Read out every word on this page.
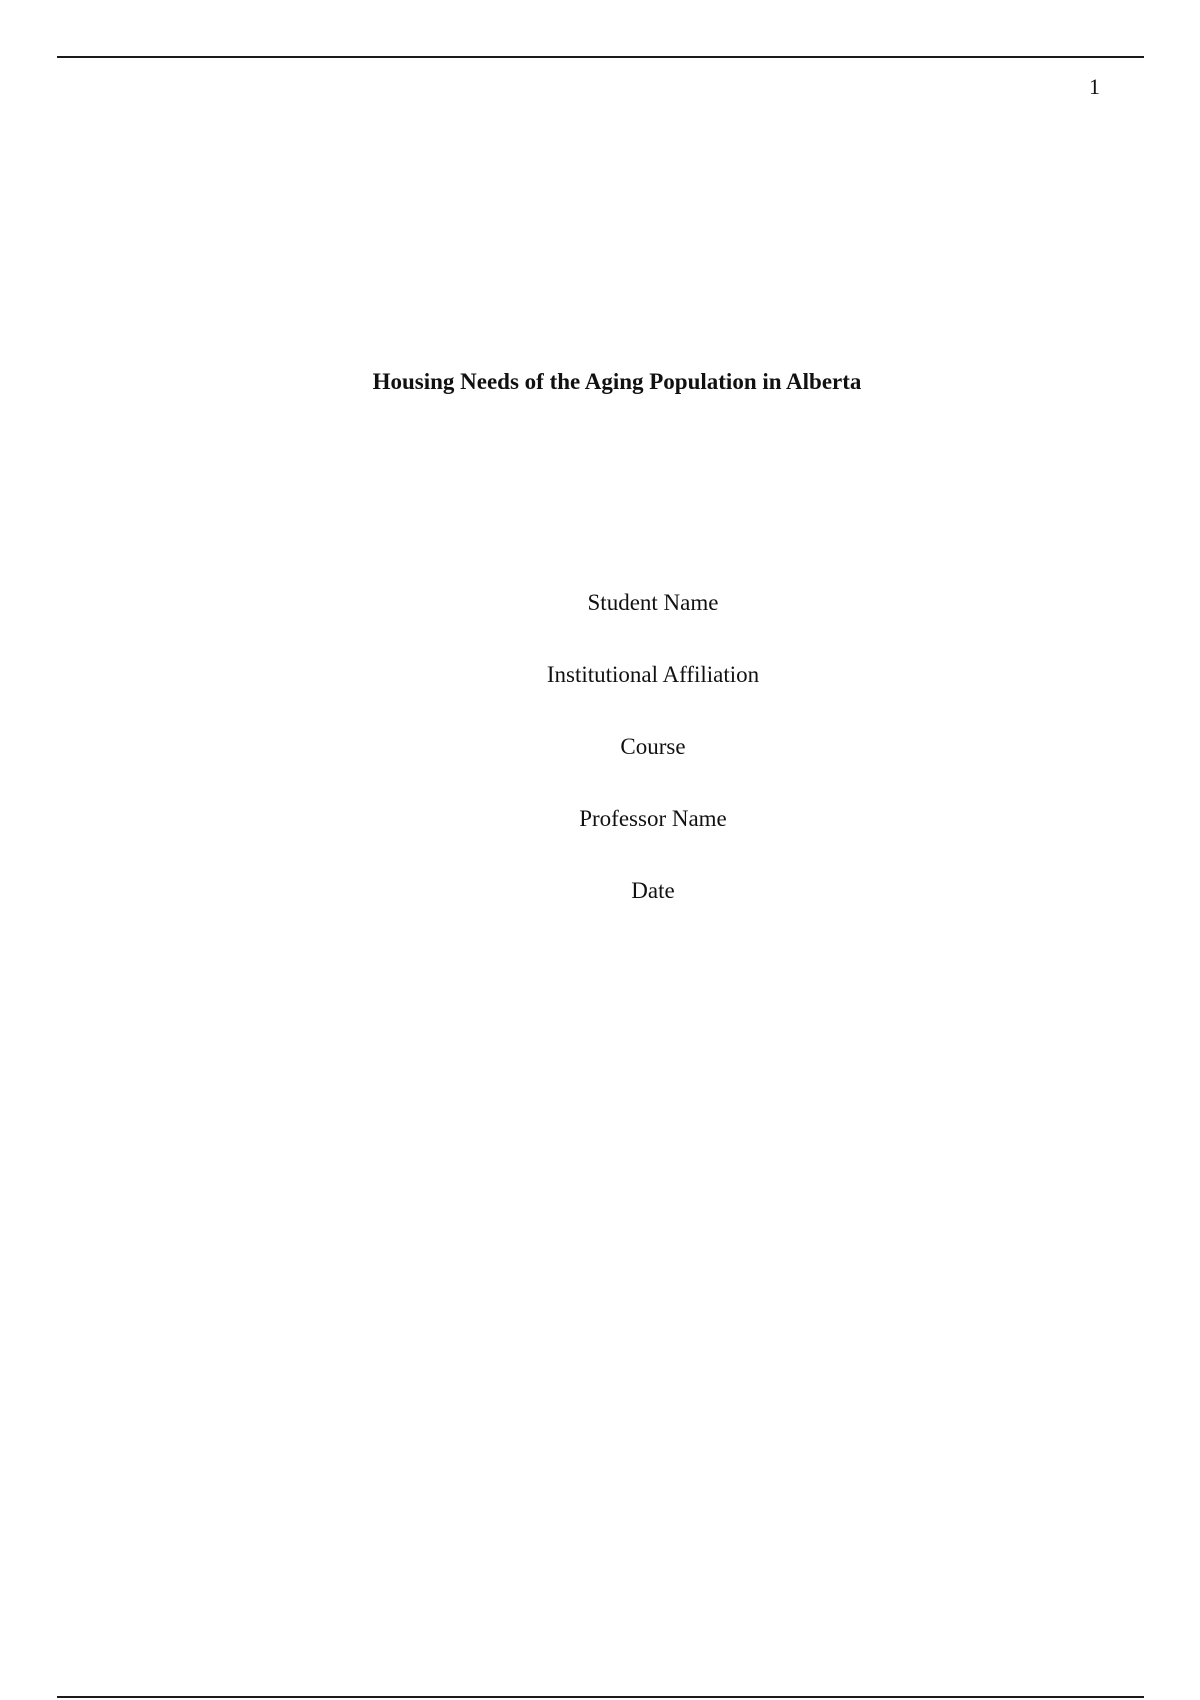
1
Housing Needs of the Aging Population in Alberta
Student Name
Institutional Affiliation
Course
Professor Name
Date
